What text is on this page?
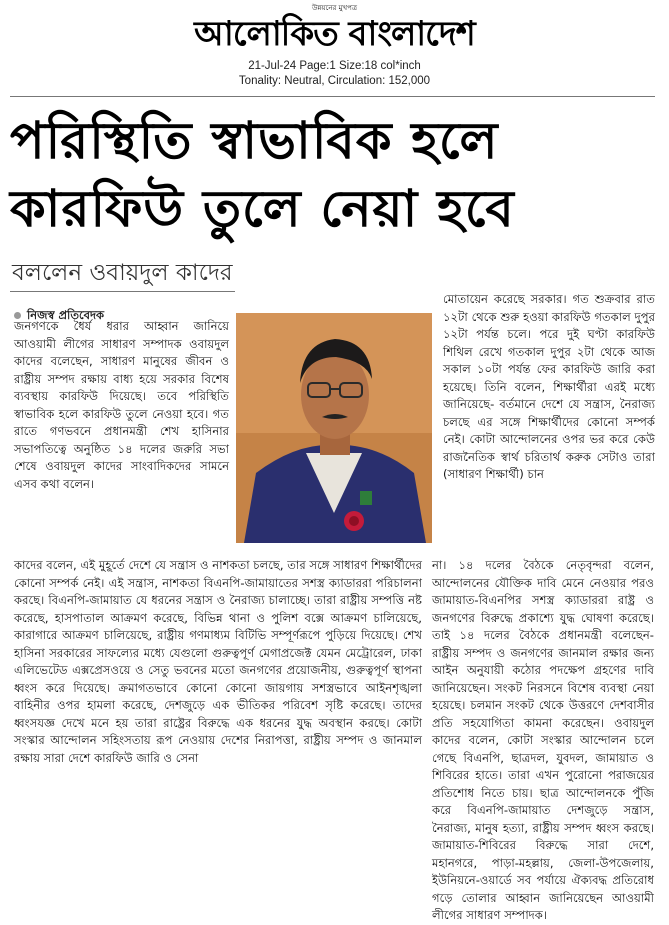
উন্নয়নের মুখপত্র
আলোকিত বাংলাদেশ
21-Jul-24 Page:1 Size:18 col*inch
Tonality: Neutral, Circulation: 152,000
পরিস্থিতি স্বাভাবিক হলে
কারফিউ তুলে নেয়া হবে
বললেন ওবায়দুল কাদের
নিজস্ব প্রতিবেদক
জনগণকে ধৈর্য ধরার আহ্বান জানিয়ে আওয়ামী লীগের সাধারণ সম্পাদক ওবায়দুল কাদের বলেছেন, সাধারণ মানুষের জীবন ও রাষ্ট্রীয় সম্পদ রক্ষায় বাধ্য হয়ে সরকার বিশেষ ব্যবস্থায় কারফিউ দিয়েছে। তবে পরিস্থিতি স্বাভাবিক হলে কারফিউ তুলে নেওয়া হবে। গত রাতে গণভবনে প্রধানমন্ত্রী শেখ হাসিনার সভাপতিত্বে অনুষ্ঠিত ১৪ দলের জরুরি সভা শেষে ওবায়দুল কাদের সাংবাদিকদের সামনে এসব কথা বলেন।
মোতায়েন করেছে সরকার। গত শুক্রবার রাত ১২টা থেকে শুরু হওয়া কারফিউ গতকাল দুপুর ১২টা পর্যন্ত চলে। পরে দুই ঘণ্টা কারফিউ শিথিল রেখে গতকাল দুপুর ২টা থেকে আজ সকাল ১০টা পর্যন্ত ফের কারফিউ জারি করা হয়েছে। তিনি বলেন, শিক্ষার্থীরা এরই মধ্যে জানিয়েছে- বর্তমানে দেশে যে সন্ত্রাস, নৈরাজ্য চলছে এর সঙ্গে শিক্ষার্থীদের কোনো সম্পর্ক নেই। কোটা আন্দোলনের ওপর ভর করে কেউ রাজনৈতিক স্বার্থ চরিতার্থ করুক সেটাও তারা (সাধারণ শিক্ষার্থী) চান
কাদের বলেন, এই মুহূর্তে দেশে যে সন্ত্রাস ও নাশকতা চলছে, তার সঙ্গে সাধারণ শিক্ষার্থীদের কোনো সম্পর্ক নেই। এই সন্ত্রাস, নাশকতা বিএনপি-জামায়াতের সশস্ত্র ক্যাডাররা পরিচালনা করছে। বিএনপি-জামায়াত যে ধরনের সন্ত্রাস ও নৈরাজ্য চালাচ্ছে। তারা রাষ্ট্রীয় সম্পত্তি নষ্ট করেছে, হাসপাতাল আক্রমণ করেছে, বিভিন্ন থানা ও পুলিশ বক্সে আক্রমণ চালিয়েছে, কারাগারে আক্রমণ চালিয়েছে, রাষ্ট্রীয় গণমাধ্যম বিটিভি সম্পূর্ণরূপে পুড়িয়ে দিয়েছে। শেখ হাসিনা সরকারের সাফল্যের মধ্যে যেগুলো গুরুত্বপূর্ণ মেগাপ্রজেক্ট যেমন মেট্রোরেল, ঢাকা এলিভেটেড এক্সপ্রেসওয়ে ও সেতু ভবনের মতো জনগণের প্রয়োজনীয়, গুরুত্বপূর্ণ স্থাপনা ধ্বংস করে দিয়েছে। ক্রমাগতভাবে কোনো কোনো জায়গায় সশস্ত্রভাবে আইনশৃঙ্খলা বাহিনীর ওপর হামলা করেছে, দেশজুড়ে এক ভীতিকর পরিবেশ সৃষ্টি করেছে। তাদের ধ্বংসযজ্ঞ দেখে মনে হয় তারা রাষ্ট্রের বিরুদ্ধে এক ধরনের যুদ্ধ অবস্থান করছে। কোটা সংস্কার আন্দোলন সহিংসতায় রূপ নেওয়ায় দেশের নিরাপত্তা, রাষ্ট্রীয় সম্পদ ও জানমাল রক্ষায় সারা দেশে কারফিউ জারি ও সেনা
না। ১৪ দলের বৈঠকে নেতৃবৃন্দরা বলেন, আন্দোলনের যৌক্তিক দাবি মেনে নেওয়ার পরও জামায়াত-বিএনপির সশস্ত্র ক্যাডাররা রাষ্ট্র ও জনগণের বিরুদ্ধে প্রকাশ্যে যুদ্ধ ঘোষণা করেছে। তাই ১৪ দলের বৈঠকে প্রধানমন্ত্রী বলেছেন- রাষ্ট্রীয় সম্পদ ও জনগণের জানমাল রক্ষার জন্য আইন অনুযায়ী কঠোর পদক্ষেপ গ্রহণের দাবি জানিয়েছেন। সংকট নিরসনে বিশেষ ব্যবস্থা নেয়া হয়েছে। চলমান সংকট থেকে উত্তরণে দেশবাসীর প্রতি সহযোগিতা কামনা করেছেন। ওবায়দুল কাদের বলেন, কোটা সংস্কার আন্দোলন চলে গেছে বিএনপি, ছাত্রদল, যুবদল, জামায়াত ও শিবিরের হাতে। তারা এখন পুরোনো পরাজয়ের প্রতিশোধ নিতে চায়। ছাত্র আন্দোলনকে পুঁজি করে বিএনপি-জামায়াত দেশজুড়ে সন্ত্রাস, নৈরাজ্য, মানুষ হত্যা, রাষ্ট্রীয় সম্পদ ধ্বংস করছে। জামায়াত-শিবিরের বিরুদ্ধে সারা দেশে, মহানগরে, পাড়া-মহল্লায়, জেলা-উপজেলায়, ইউনিয়নে-ওয়ার্ডে সব পর্যায়ে ঐক্যবদ্ধ প্রতিরোধ গড়ে তোলার আহ্বান জানিয়েছেন আওয়ামী লীগের সাধারণ সম্পাদক।
